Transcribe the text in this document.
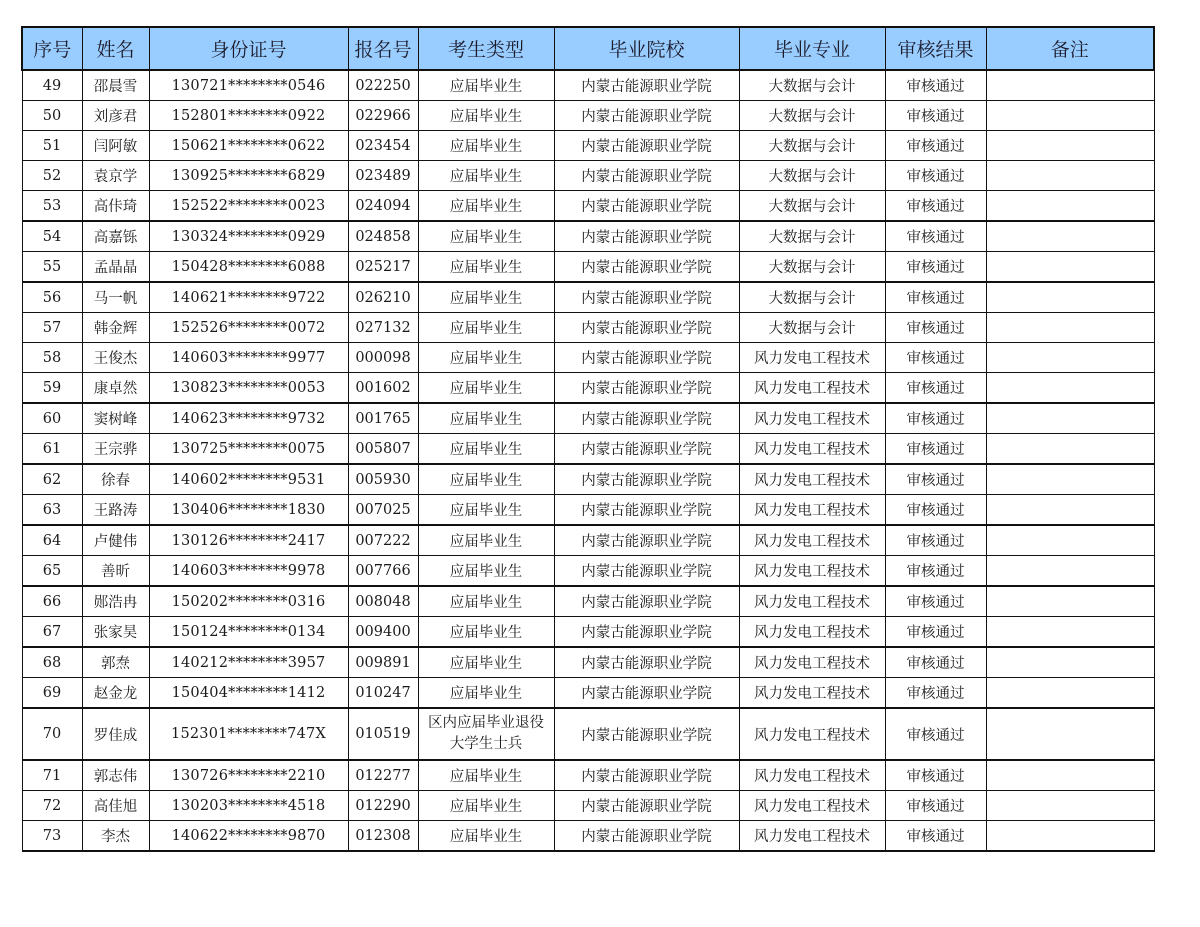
序号	姓名	身份证号	报名号	考生类型	毕业院校	毕业专业	审核结果	备注
49	邵晨雪	130721********0546	022250	应届毕业生	内蒙古能源职业学院	大数据与会计	审核通过	
50	刘彦君	152801********0922	022966	应届毕业生	内蒙古能源职业学院	大数据与会计	审核通过	
51	闫阿敏	150621********0622	023454	应届毕业生	内蒙古能源职业学院	大数据与会计	审核通过	
52	袁京学	130925********6829	023489	应届毕业生	内蒙古能源职业学院	大数据与会计	审核通过	
53	高佧琦	152522********0023	024094	应届毕业生	内蒙古能源职业学院	大数据与会计	审核通过	
54	高嘉铄	130324********0929	024858	应届毕业生	内蒙古能源职业学院	大数据与会计	审核通过	
55	孟晶晶	150428********6088	025217	应届毕业生	内蒙古能源职业学院	大数据与会计	审核通过	
56	马一帆	140621********9722	026210	应届毕业生	内蒙古能源职业学院	大数据与会计	审核通过	
57	韩金辉	152526********0072	027132	应届毕业生	内蒙古能源职业学院	大数据与会计	审核通过	
58	王俊杰	140603********9977	000098	应届毕业生	内蒙古能源职业学院	风力发电工程技术	审核通过	
59	康卓然	130823********0053	001602	应届毕业生	内蒙古能源职业学院	风力发电工程技术	审核通过	
60	窦树峰	140623********9732	001765	应届毕业生	内蒙古能源职业学院	风力发电工程技术	审核通过	
61	王宗骅	130725********0075	005807	应届毕业生	内蒙古能源职业学院	风力发电工程技术	审核通过	
62	徐春	140602********9531	005930	应届毕业生	内蒙古能源职业学院	风力发电工程技术	审核通过	
63	王路涛	130406********1830	007025	应届毕业生	内蒙古能源职业学院	风力发电工程技术	审核通过	
64	卢健伟	130126********2417	007222	应届毕业生	内蒙古能源职业学院	风力发电工程技术	审核通过	
65	善昕	140603********9978	007766	应届毕业生	内蒙古能源职业学院	风力发电工程技术	审核通过	
66	郧浩冉	150202********0316	008048	应届毕业生	内蒙古能源职业学院	风力发电工程技术	审核通过	
67	张家昊	150124********0134	009400	应届毕业生	内蒙古能源职业学院	风力发电工程技术	审核通过	
68	郭焘	140212********3957	009891	应届毕业生	内蒙古能源职业学院	风力发电工程技术	审核通过	
69	赵金龙	150404********1412	010247	应届毕业生	内蒙古能源职业学院	风力发电工程技术	审核通过	
70	罗佳成	152301********747X	010519	区内应届毕业退役大学生士兵	内蒙古能源职业学院	风力发电工程技术	审核通过	
71	郭志伟	130726********2210	012277	应届毕业生	内蒙古能源职业学院	风力发电工程技术	审核通过	
72	高佳旭	130203********4518	012290	应届毕业生	内蒙古能源职业学院	风力发电工程技术	审核通过	
73	李杰	140622********9870	012308	应届毕业生	内蒙古能源职业学院	风力发电工程技术	审核通过	
